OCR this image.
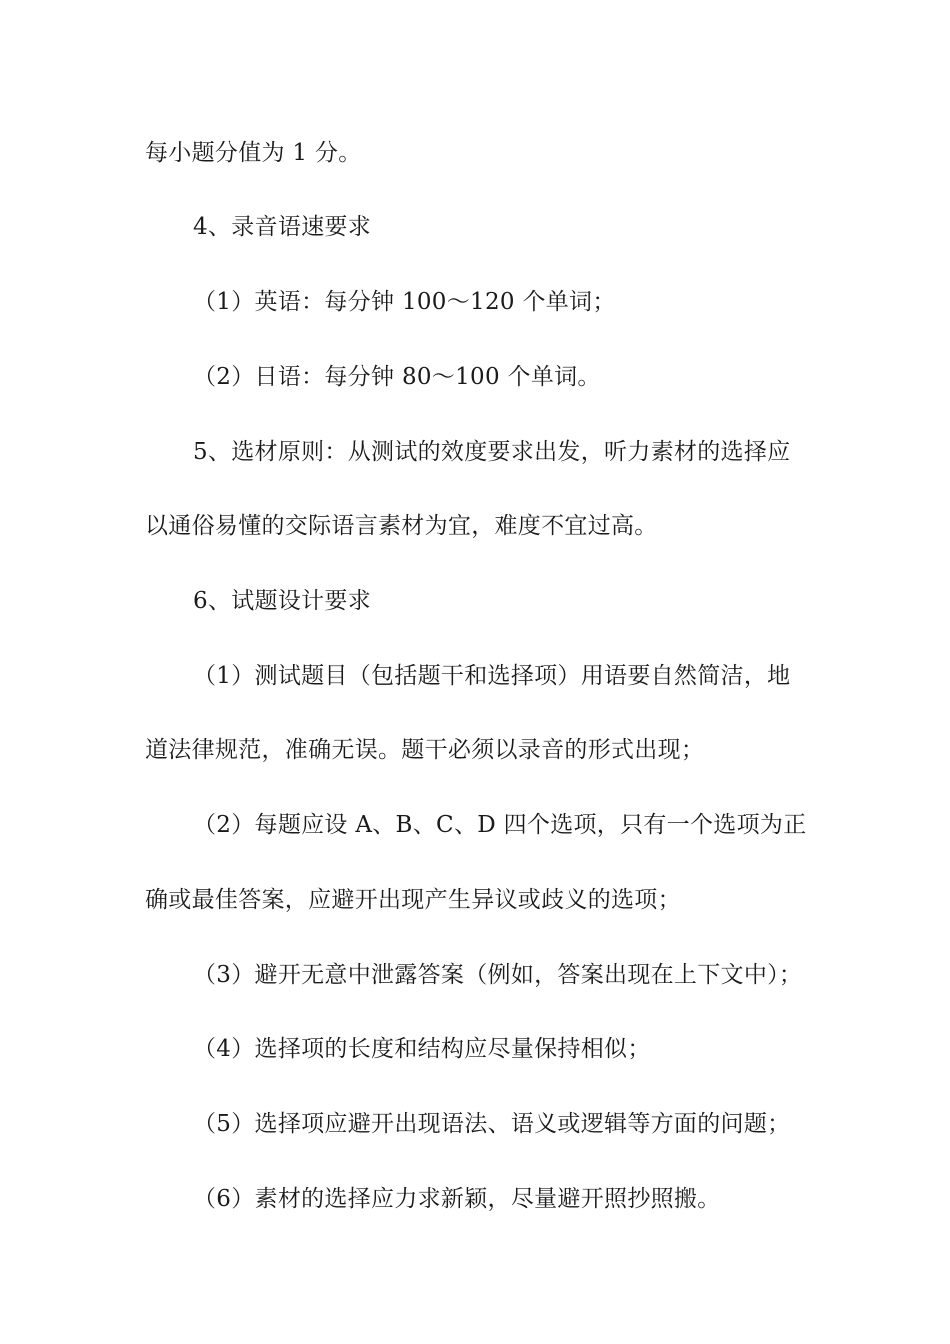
每小题分值为 1 分。
4、录音语速要求
（1）英语：每分钟 100～120 个单词；
（2）日语：每分钟 80～100 个单词。
5、选材原则：从测试的效度要求出发，听力素材的选择应
以通俗易懂的交际语言素材为宜，难度不宜过高。
6、试题设计要求
（1）测试题目（包括题干和选择项）用语要自然简洁，地
道法律规范，准确无误。题干必须以录音的形式出现；
（2）每题应设 A、B、C、D 四个选项，只有一个选项为正
确或最佳答案，应避开出现产生异议或歧义的选项；
（3）避开无意中泄露答案（例如，答案出现在上下文中）；
（4）选择项的长度和结构应尽量保持相似；
（5）选择项应避开出现语法、语义或逻辑等方面的问题；
（6）素材的选择应力求新颖，尽量避开照抄照搬。
